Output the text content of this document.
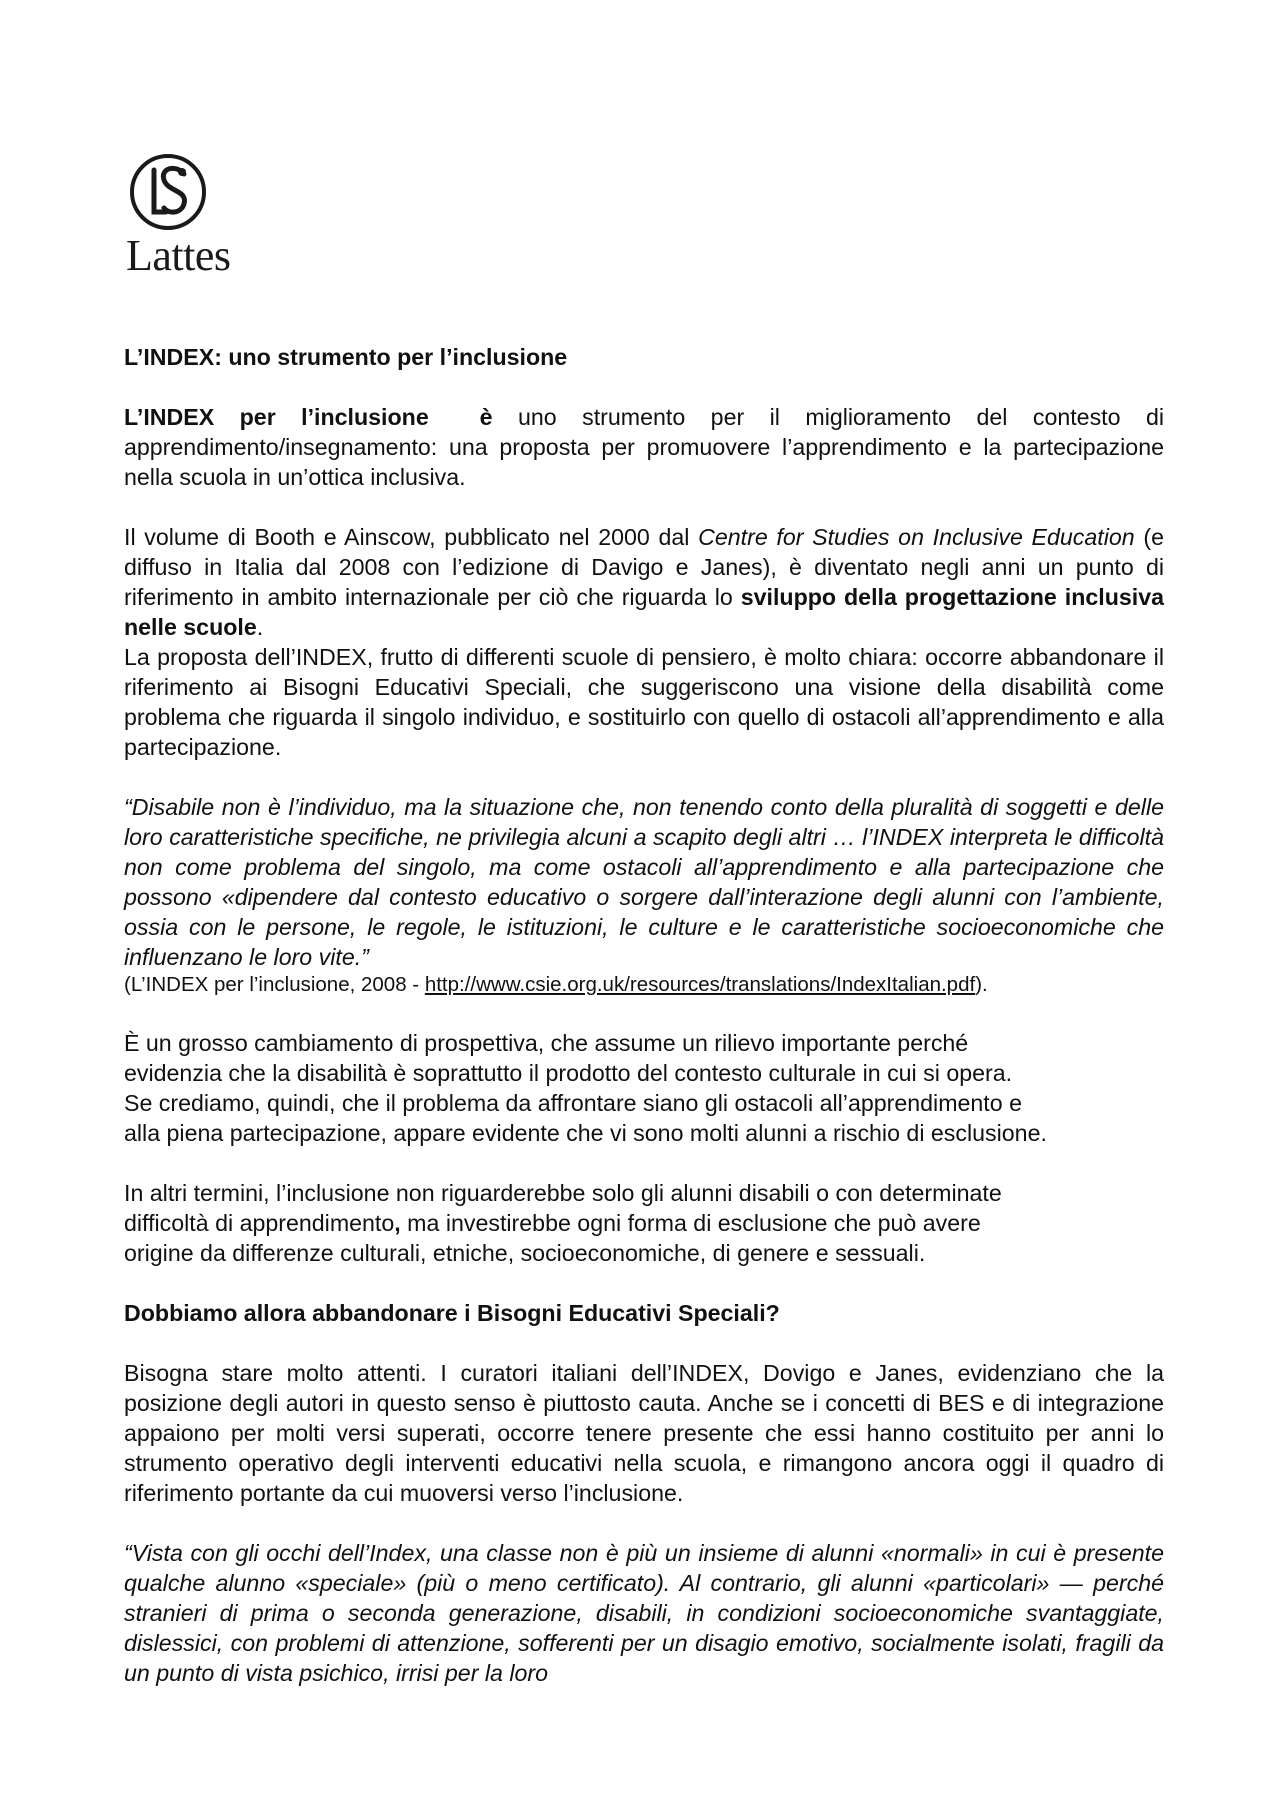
Lattes

L’INDEX: uno strumento per l’inclusione

L’INDEX per l’inclusione è uno strumento per il miglioramento del contesto di apprendimento/insegnamento: una proposta per promuovere l’apprendimento e la partecipazione nella scuola in un’ottica inclusiva.

Il volume di Booth e Ainscow, pubblicato nel 2000 dal Centre for Studies on Inclusive Education (e diffuso in Italia dal 2008 con l’edizione di Davigo e Janes), è diventato negli anni un punto di riferimento in ambito internazionale per ciò che riguarda lo sviluppo della progettazione inclusiva nelle scuole.

La proposta dell’INDEX, frutto di differenti scuole di pensiero, è molto chiara: occorre abbandonare il riferimento ai Bisogni Educativi Speciali, che suggeriscono una visione della disabilità come problema che riguarda il singolo individuo, e sostituirlo con quello di ostacoli all’apprendimento e alla partecipazione.

“Disabile non è l’individuo, ma la situazione che, non tenendo conto della pluralità di soggetti e delle loro caratteristiche specifiche, ne privilegia alcuni a scapito degli altri … l’INDEX interpreta le difficoltà non come problema del singolo, ma come ostacoli all’apprendimento e alla partecipazione che possono «dipendere dal contesto educativo o sorgere dall’interazione degli alunni con l’ambiente, ossia con le persone, le regole, le istituzioni, le culture e le caratteristiche socioeconomiche che influenzano le loro vite.”

(L’INDEX per l’inclusione, 2008 - http://www.csie.org.uk/resources/translations/IndexItalian.pdf).

È un grosso cambiamento di prospettiva, che assume un rilievo importante perché
evidenzia che la disabilità è soprattutto il prodotto del contesto culturale in cui si opera.
Se crediamo, quindi, che il problema da affrontare siano gli ostacoli all’apprendimento e
alla piena partecipazione, appare evidente che vi sono molti alunni a rischio di esclusione.

In altri termini, l’inclusione non riguarderebbe solo gli alunni disabili o con determinate
difficoltà di apprendimento, ma investirebbe ogni forma di esclusione che può avere
origine da differenze culturali, etniche, socioeconomiche, di genere e sessuali.

Dobbiamo allora abbandonare i Bisogni Educativi Speciali?

Bisogna stare molto attenti. I curatori italiani dell’INDEX, Dovigo e Janes, evidenziano che la posizione degli autori in questo senso è piuttosto cauta. Anche se i concetti di BES e di integrazione appaiono per molti versi superati, occorre tenere presente che essi hanno costituito per anni lo strumento operativo degli interventi educativi nella scuola, e rimangono ancora oggi il quadro di riferimento portante da cui muoversi verso l’inclusione.

“Vista con gli occhi dell’Index, una classe non è più un insieme di alunni «normali» in cui è presente qualche alunno «speciale» (più o meno certificato). Al contrario, gli alunni «particolari» — perché stranieri di prima o seconda generazione, disabili, in condizioni socioeconomiche svantaggiate, dislessici, con problemi di attenzione, sofferenti per un disagio emotivo, socialmente isolati, fragili da un punto di vista psichico, irrisi per la loro
